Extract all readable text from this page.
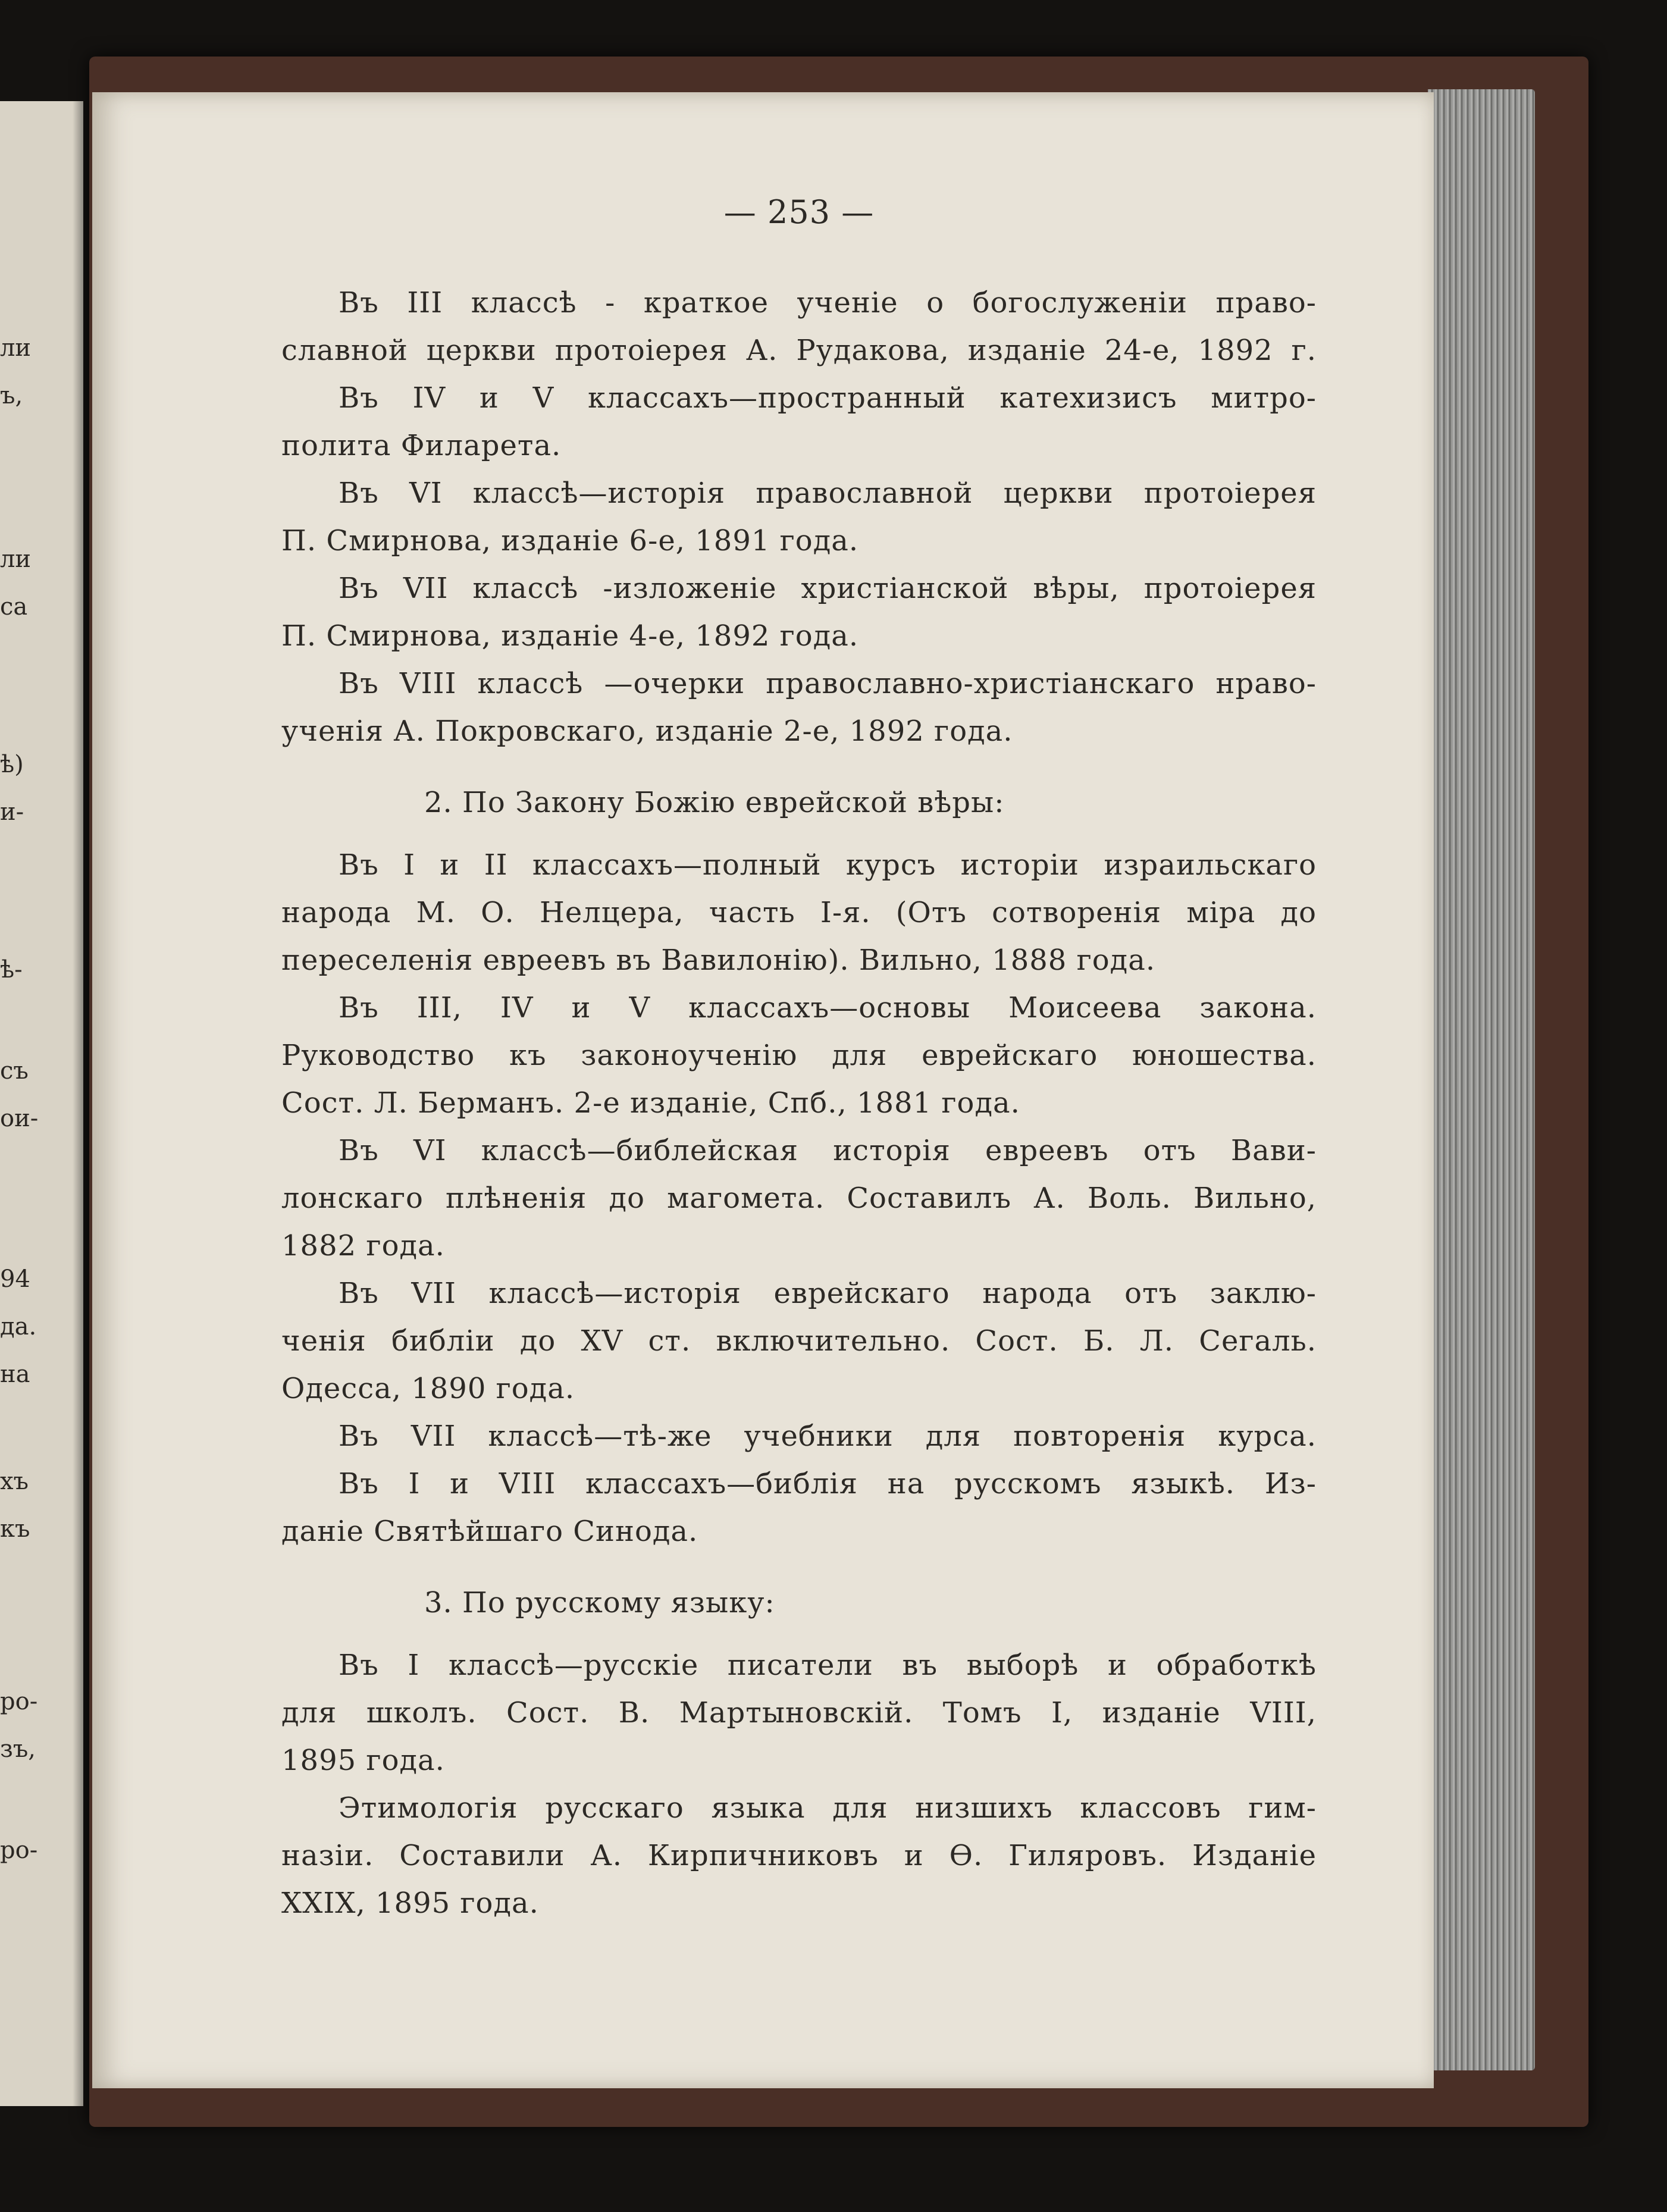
ли
ъ,
ли
са
ѣ)
и-
ѣ-
съ
ои-
94
да.
на
хъ
къ
ро-
зъ,
ро-
— 253 —
Въ III классѣ - краткое ученіе о богослуженіи право-
славной церкви протоіерея А. Рудакова, изданіе 24-е, 1892 г.
Въ IV и V классахъ—пространный катехизисъ митро-
полита Филарета.
Въ VI классѣ—исторія православной церкви протоіерея
П. Смирнова, изданіе 6-е, 1891 года.
Въ VII классѣ -изложеніе христіанской вѣры, протоіерея
П. Смирнова, изданіе 4-е, 1892 года.
Въ VIII классѣ —очерки православно-христіанскаго нраво-
ученія А. Покровскаго, изданіе 2-е, 1892 года.
2. По Закону Божію еврейской вѣры:
Въ I и II классахъ—полный курсъ исторіи израильскаго
народа М. О. Нелцера, часть I-я. (Отъ сотворенія міра до
переселенія евреевъ въ Вавилонію). Вильно, 1888 года.
Въ III, IV и V классахъ—основы Моисеева закона.
Руководство къ законоученію для еврейскаго юношества.
Сост. Л. Берманъ. 2-е изданіе, Спб., 1881 года.
Въ VI классѣ—библейская исторія евреевъ отъ Вави-
лонскаго плѣненія до магомета. Составилъ А. Воль. Вильно,
1882 года.
Въ VII классѣ—исторія еврейскаго народа отъ заклю-
ченія библіи до XV ст. включительно. Сост. Б. Л. Сегаль.
Одесса, 1890 года.
Въ VII классѣ—тѣ-же учебники для повторенія курса.
Въ I и VIII классахъ—библія на русскомъ языкѣ. Из-
даніе Святѣйшаго Синода.
3. По русскому языку:
Въ I классѣ—русскіе писатели въ выборѣ и обработкѣ
для школъ. Сост. В. Мартыновскій. Томъ I, изданіе VIII,
1895 года.
Этимологія русскаго языка для низшихъ классовъ гим-
назіи. Составили А. Кирпичниковъ и Ѳ. Гиляровъ. Изданіе
XXIX, 1895 года.
